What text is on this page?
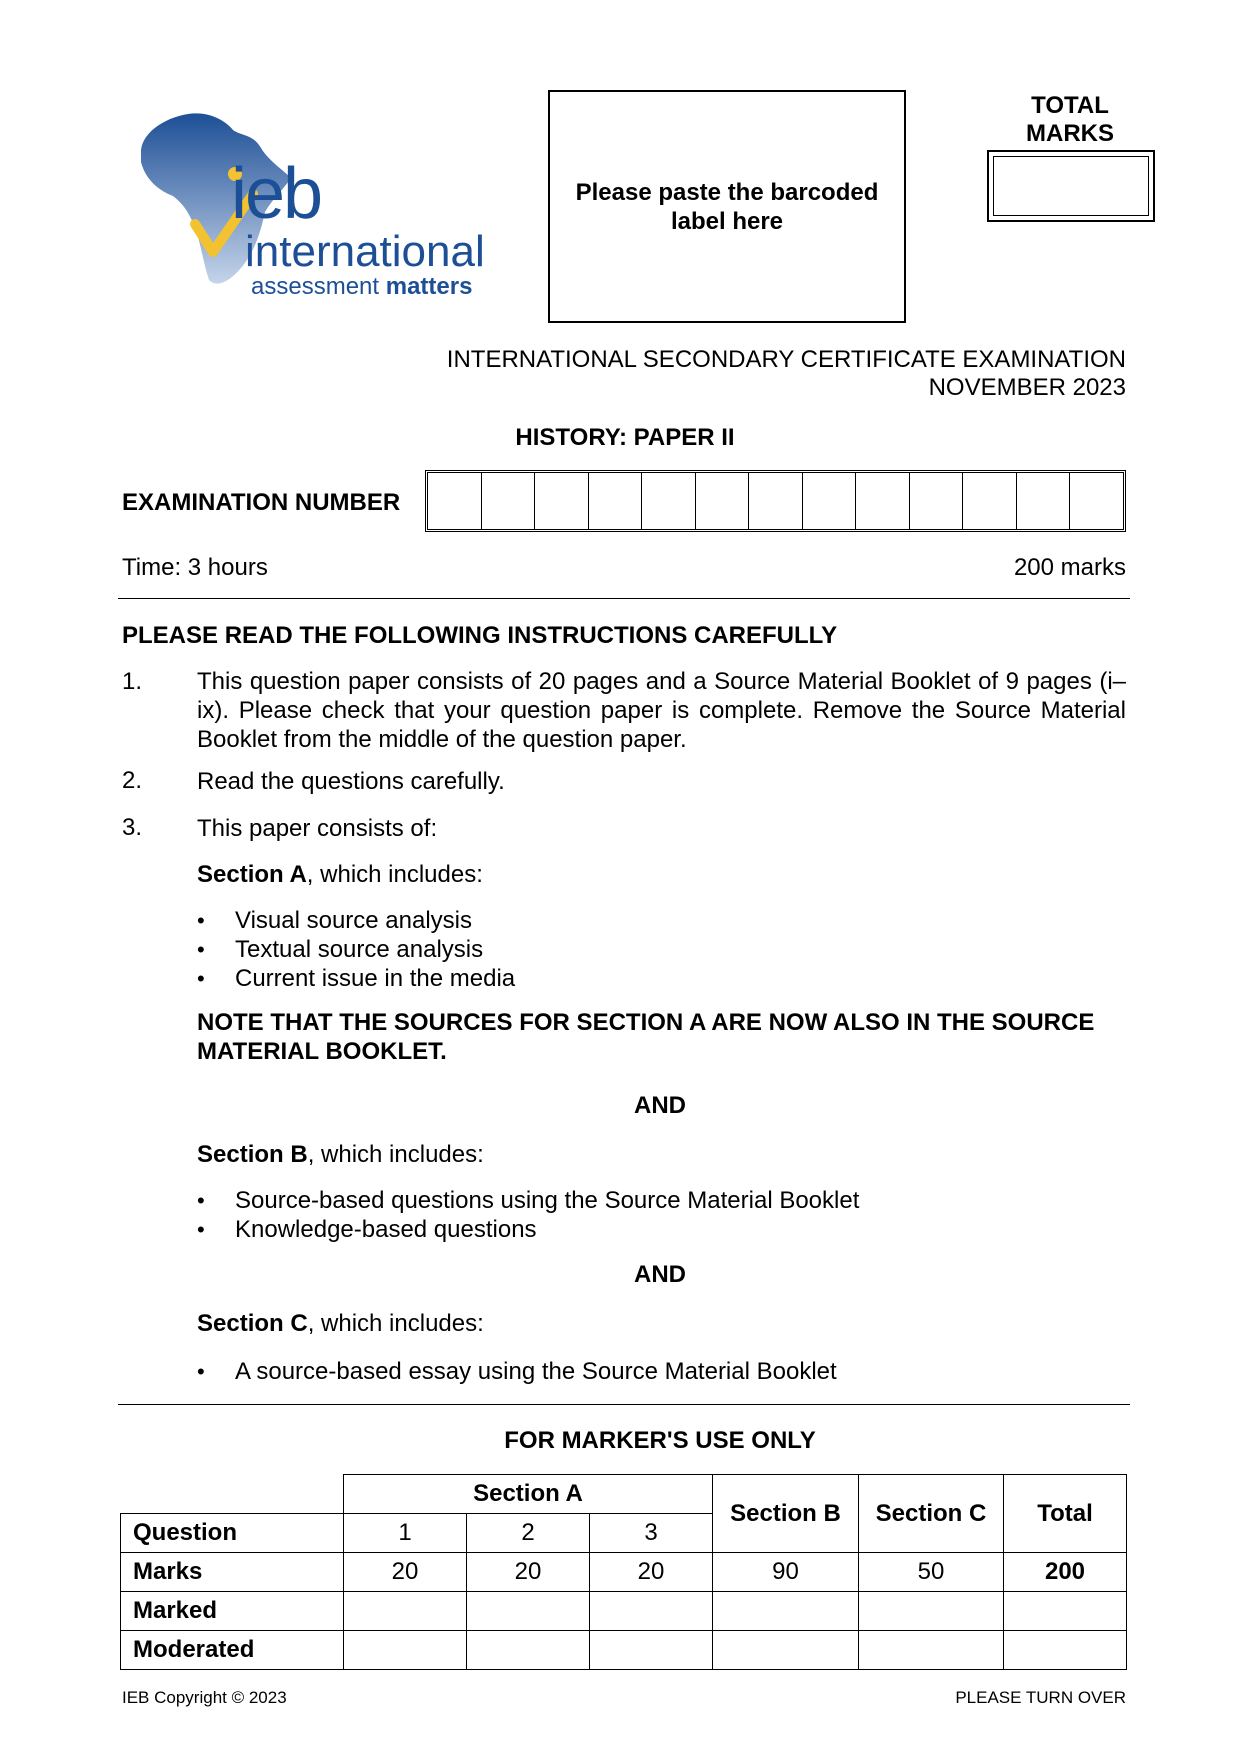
ieb
international
assessment matters
Please paste the barcoded
label here
TOTAL
MARKS
INTERNATIONAL SECONDARY CERTIFICATE EXAMINATION
NOVEMBER 2023
HISTORY: PAPER II
EXAMINATION NUMBER
Time: 3 hours	200 marks
PLEASE READ THE FOLLOWING INSTRUCTIONS CAREFULLY
1. This question paper consists of 20 pages and a Source Material Booklet of 9 pages (i–ix). Please check that your question paper is complete. Remove the Source Material Booklet from the middle of the question paper.
2. Read the questions carefully.
3. This paper consists of:
Section A, which includes:
• Visual source analysis
• Textual source analysis
• Current issue in the media
NOTE THAT THE SOURCES FOR SECTION A ARE NOW ALSO IN THE SOURCE MATERIAL BOOKLET.
AND
Section B, which includes:
• Source-based questions using the Source Material Booklet
• Knowledge-based questions
AND
Section C, which includes:
• A source-based essay using the Source Material Booklet
FOR MARKER'S USE ONLY
	Section A			Section B	Section C	Total
Question	1	2	3			
Marks	20	20	20	90	50	200
Marked						
Moderated						
IEB Copyright © 2023	PLEASE TURN OVER
